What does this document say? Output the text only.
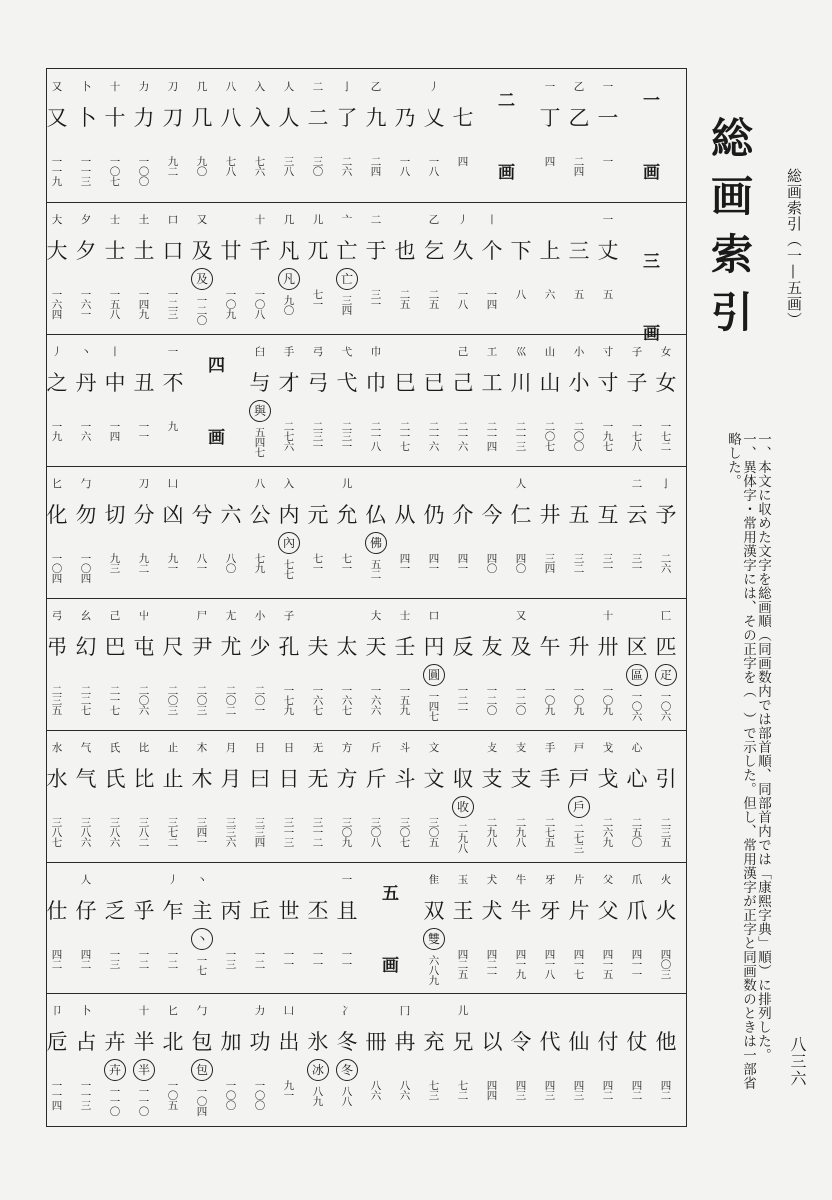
一
一
一
乙
乙
二四
一
丁
四
七
四
丿
乂
一八
乃
一八
乙
九
二四
亅
了
二六
二
二
三〇
人
人
三八
入
入
七六
八
八
七八
几
几
九〇
刀
刀
九二
力
力
一〇〇
十
十
一〇七
卜
卜
一一三
又
又
一一九
一
丈
五
三
五
上
六
下
八
丨
个
一四
丿
久
一八
乙
乞
二五
也
二五
二
于
三一
亠
亡
亡
三四
儿
兀
七一
几
凡
凡
九〇
十
千
一〇八
廿
一〇九
又
及
及
一二〇
口
口
一二三
土
土
一四九
士
士
一五八
夕
夕
一六一
大
大
一六四
女
女
一七二
子
子
一七八
寸
寸
一九七
小
小
二〇〇
山
山
二〇七
巛
川
二一三
工
工
二一四
己
己
二一六
已
二一六
巳
二一七
巾
巾
二一八
弋
弋
二三一
弓
弓
二三一
手
才
二七六
臼
与
與
五四七
一
不
九
丑
一一
丨
中
一四
丶
丹
一六
丿
之
一九
亅
予
二六
二
云
三一
互
三一
五
三二
井
三四
人
仁
四〇
今
四〇
介
四一
仍
四一
从
四一
仏
佛
五二
儿
允
七一
元
七一
入
内
內
七七
八
公
七九
六
八〇
兮
八一
凵
凶
九一
刀
分
九二
切
九三
勹
勿
一〇四
匕
化
一〇四
匸
匹
疋
一〇六
区
區
一〇六
十
卅
一〇九
升
一〇九
午
一〇九
又
及
一二〇
友
一二〇
反
一二一
口
円
圓
一四七
士
壬
一五九
大
天
一六六
太
一六七
夫
一六七
子
孔
一七九
小
少
二〇一
尢
尤
二〇二
尸
尹
二〇三
尺
二〇三
屮
屯
二〇六
己
巴
二一七
幺
幻
二二七
弓
弔
二三五
引
二三五
心
心
二五〇
戈
戈
二六九
戸
戸
戶
二七三
手
手
二七五
支
支
二九八
攴
支
二九八
収
收
二九八
文
文
三〇五
斗
斗
三〇七
斤
斤
三〇八
方
方
三〇九
无
无
三一二
日
日
三一三
日
曰
三三四
月
月
三三六
木
木
三四一
止
止
三七二
比
比
三八二
氏
氏
三八六
气
气
三八六
水
水
三八七
火
火
四〇三
爪
爪
四一一
父
父
四一五
片
片
四一七
牙
牙
四一八
牛
牛
四一九
犬
犬
四二一
玉
王
四二五
隹
双
雙
六八九
一
且
一一
丕
一一
世
一一
丘
一二
丙
一三
丶
主
丶
一七
丿
乍
一二
乎
一二
乏
一三
人
仔
四二
仕
四二
他
四二
仗
四二
付
四二
仙
四三
代
四三
令
四三
以
四四
儿
兄
七二
充
七三
冂
冉
八六
冊
八六
冫
冬
冬
八八
氷
冰
八九
凵
出
九一
力
功
一〇〇
加
一〇〇
勹
包
包
一〇四
匕
北
一〇五
十
半
半
一一〇
卉
卉
一一〇
卜
占
一一三
卩
卮
一一四
一
画
二
画
三
画
四
画
五
画
総画索引

一、本文に収めた文字を総画順（同画数内では部首順、同部首内では「康熙字典」順）に排列した。

一、異体字・常用漢字には、その正字を（　）で示した。但し、常用漢字が正字と同画数のときは一部省略した。

総画索引（一—五画）
八三六
